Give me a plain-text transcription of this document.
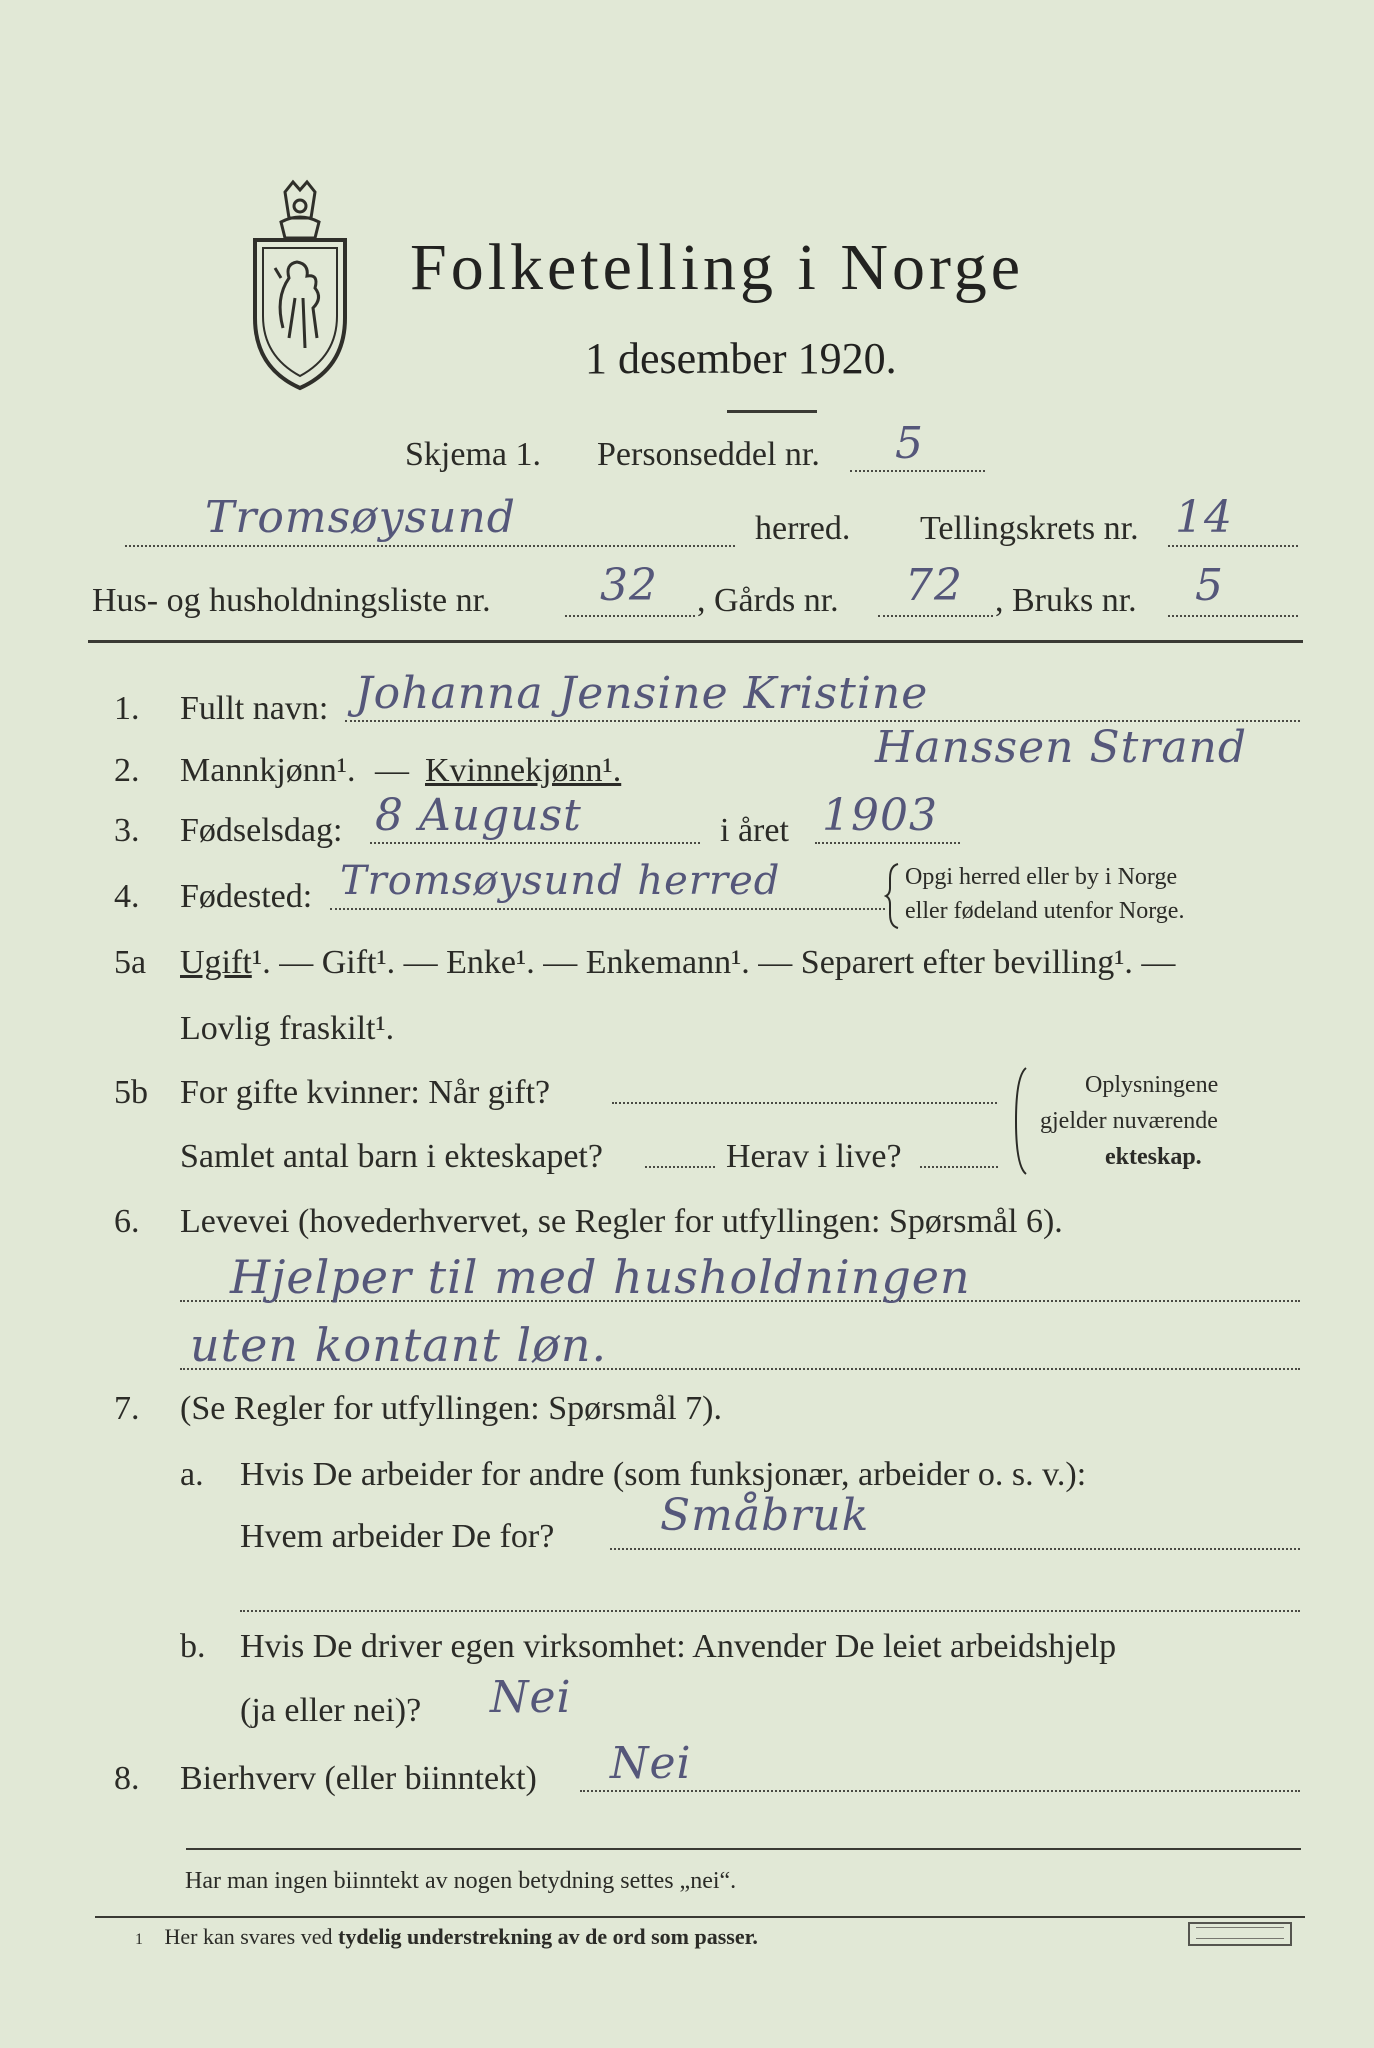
Folketelling i Norge
1 desember 1920.
Skjema 1. Personseddel nr. 5
Tromsøysund	herred. Tellingskrets nr. 14
Hus- og husholdningsliste nr. 32 , Gårds nr. 72 , Bruks nr. 5
1. Fullt navn: Johanna Jensine Kristine
Hanssen Strand
2. Mannkjønn¹. — Kvinnekjønn¹.
3. Fødselsdag: 8 August	i året 1903
4. Fødested: Tromsøysund herred	Opgi herred eller by i Norge
eller fødeland utenfor Norge.
5a Ugift ¹. — Gift¹. — Enke¹. — Enkemann¹. — Separert efter bevilling¹. —
Lovlig fraskilt¹.
5b For gifte kvinner: Når gift?
Samlet antal barn i ekteskapet?	Herav i live?
Oplysningene
gjelder nuværende
ekteskap.
6. Levevei (hovederhvervet, se Regler for utfyllingen: Spørsmål 6).
Hjelper til med husholdningen
uten kontant løn.
7. (Se Regler for utfyllingen: Spørsmål 7).
a. Hvis De arbeider for andre (som funksjonær, arbeider o. s. v.):
Hvem arbeider De for? Småbruk
b. Hvis De driver egen virksomhet: Anvender De leiet arbeidshjelp
(ja eller nei)? Nei
8. Bierhverv (eller biinntekt) Nei
Har man ingen biinntekt av nogen betydning settes „nei“.
1 Her kan svares ved tydelig understrekning av de ord som passer.
